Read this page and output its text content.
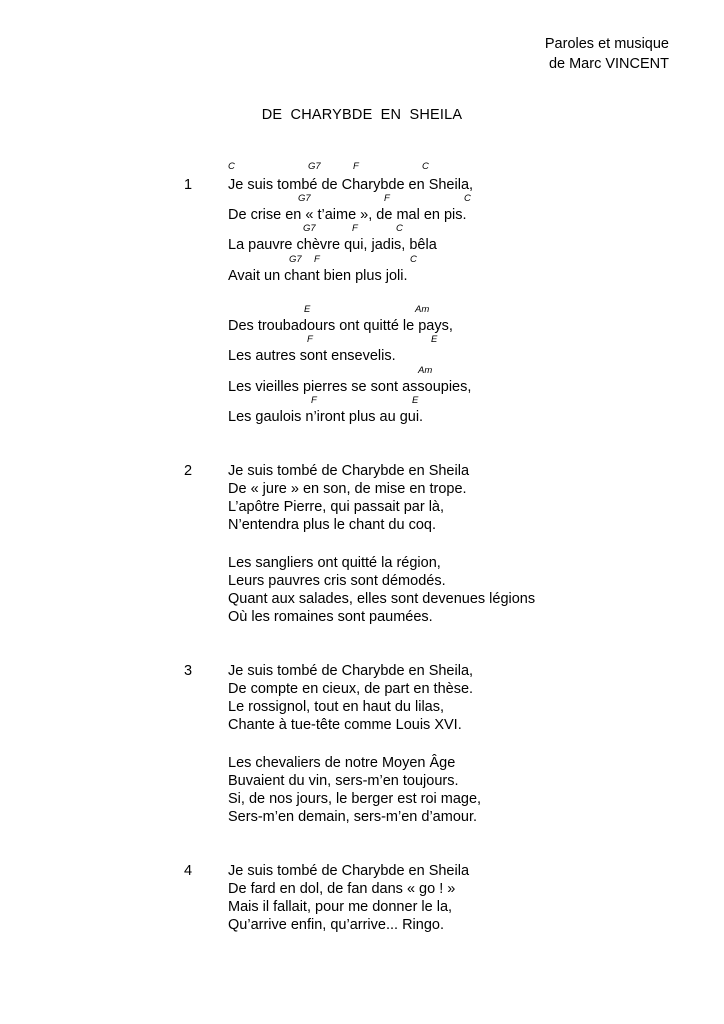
Paroles et musique
de Marc VINCENT
DE CHARYBDE EN SHEILA
1
C	G7	F	C
Je suis tombé de Charybde en Sheila,
G7	F	C
De crise en « t’aime », de mal en pis.
G7	F	C
La pauvre chèvre qui, jadis, bêla
G7 F	C
Avait un chant bien plus joli.
E	Am
Des troubadours ont quitté le pays,
F	E
Les autres sont ensevelis.
Am
Les vieilles pierres se sont assoupies,
F	E
Les gaulois n’iront plus au gui.
2 Je suis tombé de Charybde en Sheila
De « jure » en son, de mise en trope.
L’apôtre Pierre, qui passait par là,
N’entendra plus le chant du coq.
Les sangliers ont quitté la région,
Leurs pauvres cris sont démodés.
Quant aux salades, elles sont devenues légions
Où les romaines sont paumées.
3 Je suis tombé de Charybde en Sheila,
De compte en cieux, de part en thèse.
Le rossignol, tout en haut du lilas,
Chante à tue-tête comme Louis XVI.
Les chevaliers de notre Moyen Âge
Buvaient du vin, sers-m’en toujours.
Si, de nos jours, le berger est roi mage,
Sers-m’en demain, sers-m’en d’amour.
4 Je suis tombé de Charybde en Sheila
De fard en dol, de fan dans « go ! »
Mais il fallait, pour me donner le la,
Qu’arrive enfin, qu’arrive... Ringo.
